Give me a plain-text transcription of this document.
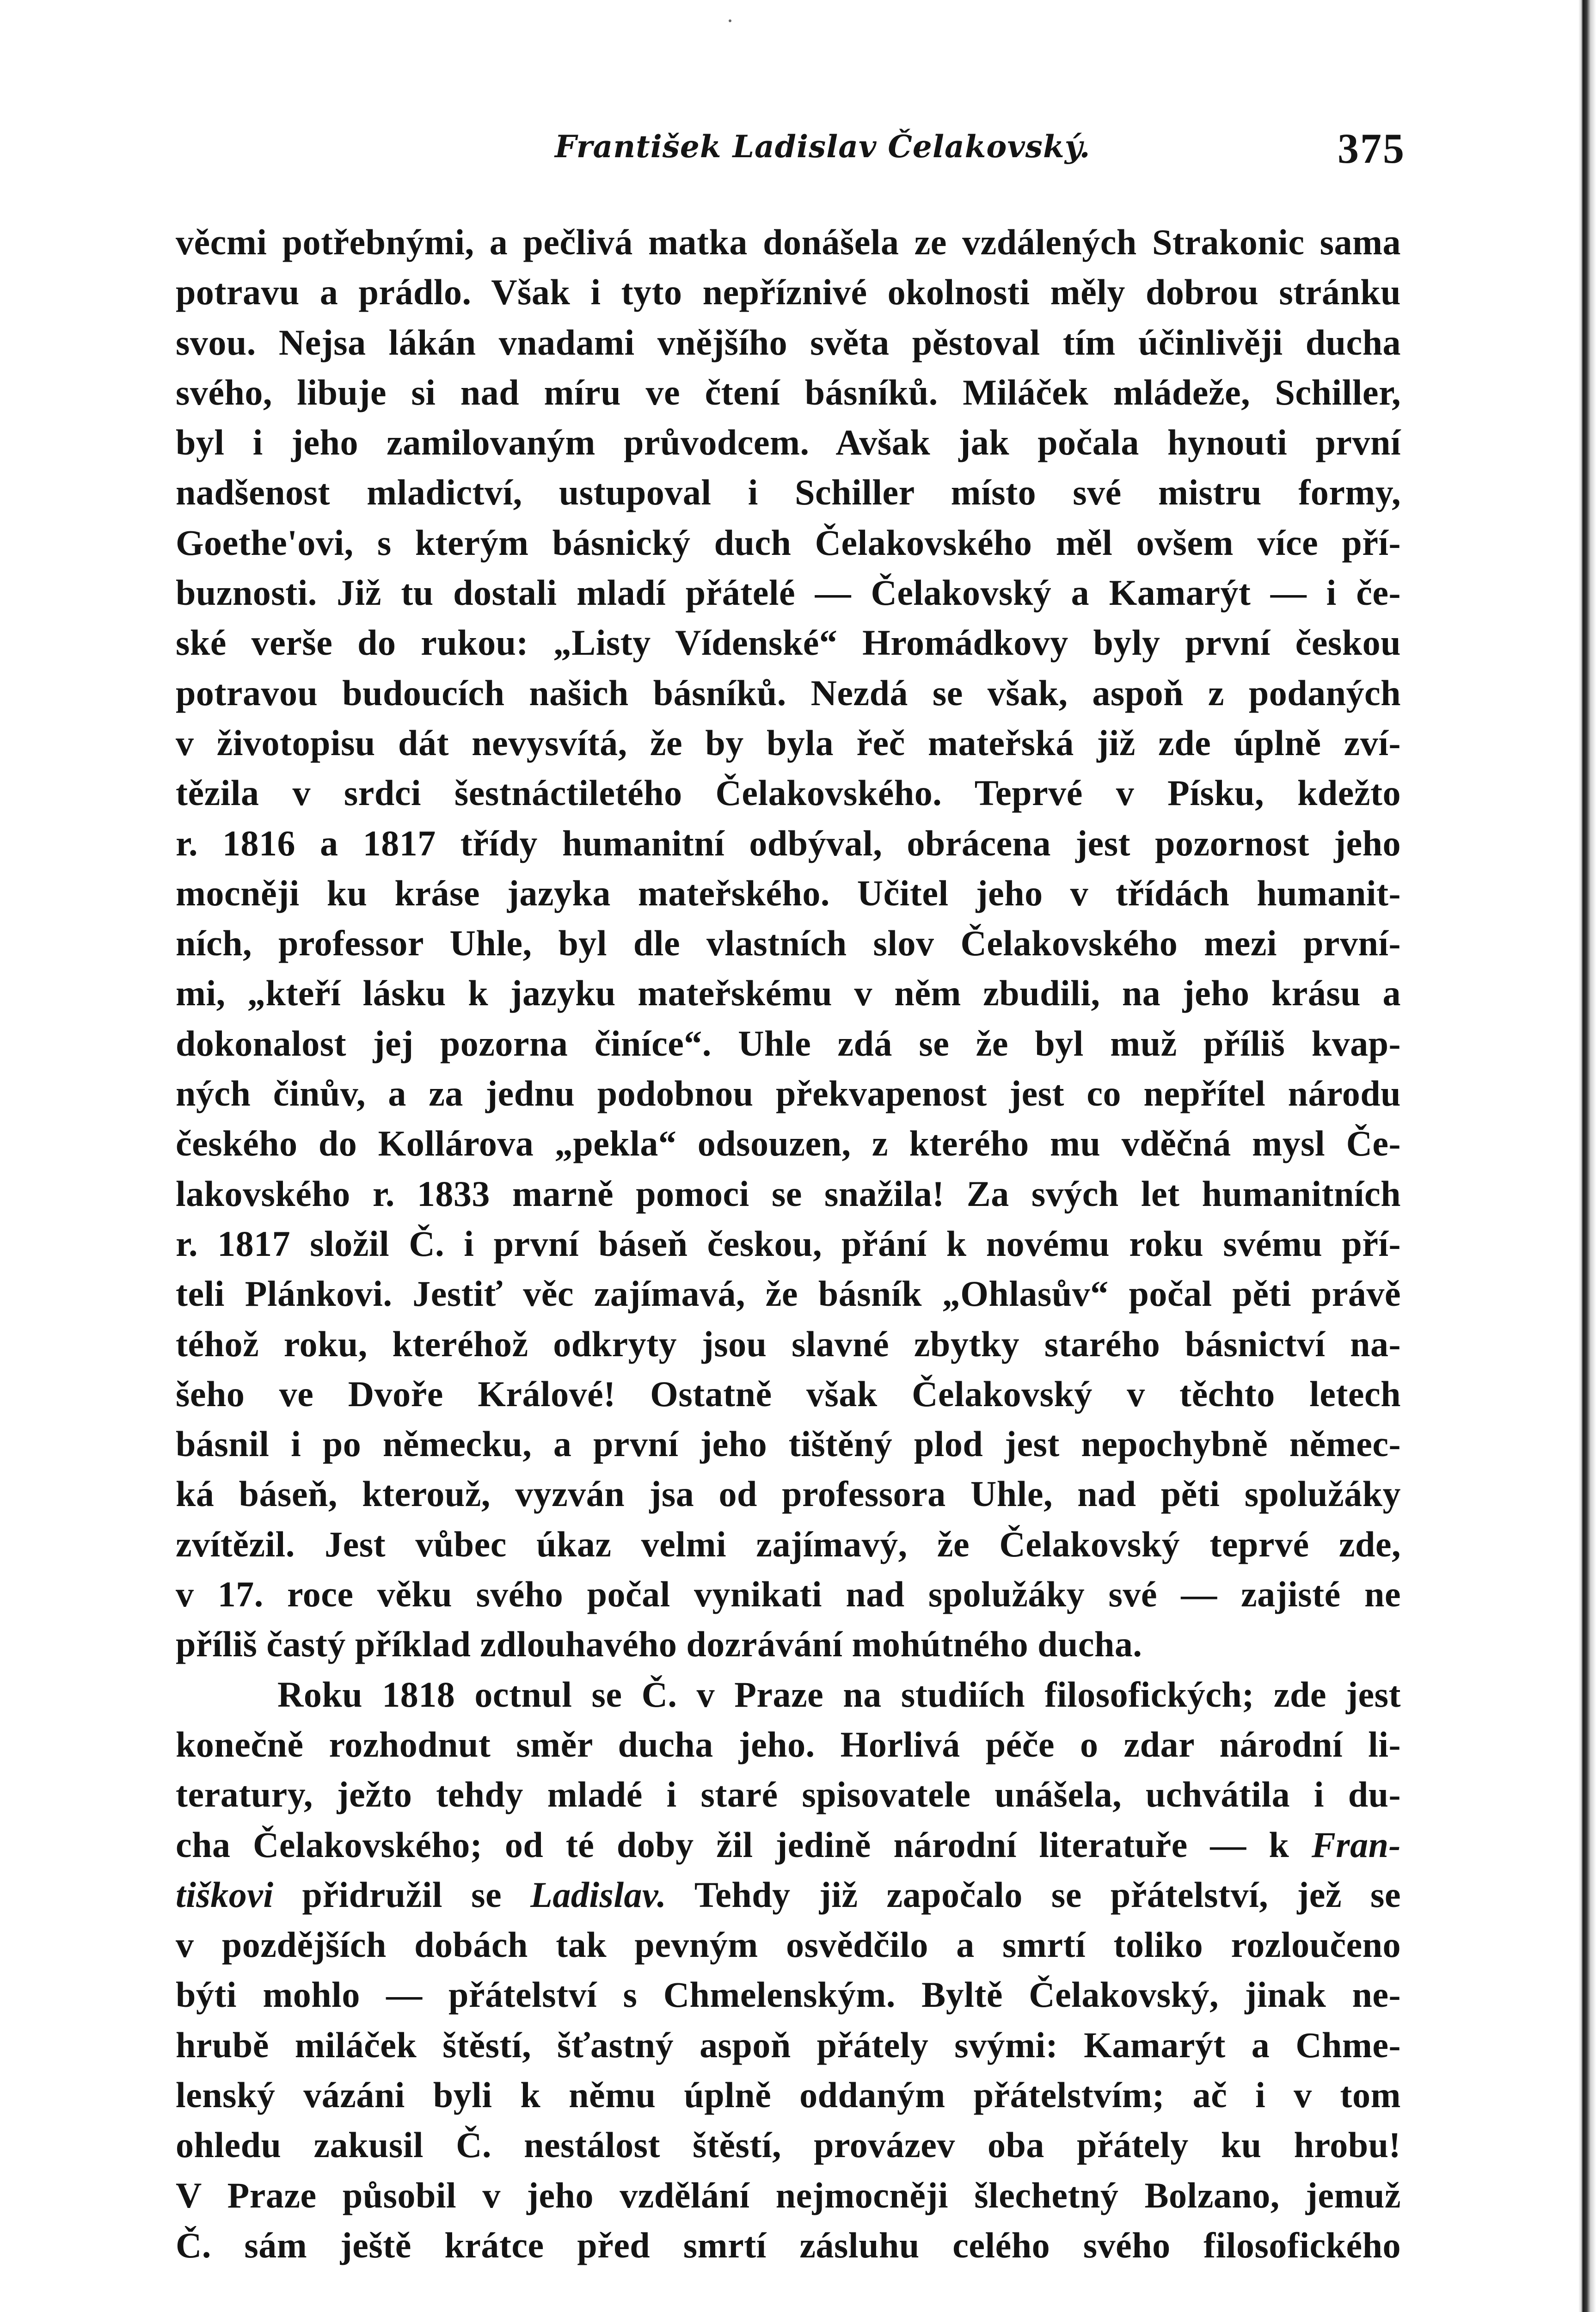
František Ladislav Čelakovský.	375
věcmi potřebnými, a pečlivá matka donášela ze vzdálených Strakonic sama
potravu a prádlo. Však i tyto nepříznivé okolnosti měly dobrou stránku
svou. Nejsa lákán vnadami vnějšího světa pěstoval tím účinlivěji ducha
svého, libuje si nad míru ve čtení básníků. Miláček mládeže, Schiller,
byl i jeho zamilovaným průvodcem. Avšak jak počala hynouti první
nadšenost mladictví, ustupoval i Schiller místo své mistru formy,
Goethe'ovi, s kterým básnický duch Čelakovského měl ovšem více pří-
buznosti. Již tu dostali mladí přátelé — Čelakovský a Kamarýt — i če-
ské verše do rukou: „Listy Vídenské“ Hromádkovy byly první českou
potravou budoucích našich básníků. Nezdá se však, aspoň z podaných
v životopisu dát nevysvítá, že by byla řeč mateřská již zde úplně zví-
tězila v srdci šestnáctiletého Čelakovského. Teprvé v Písku, kdežto
r. 1816 a 1817 třídy humanitní odbýval, obrácena jest pozornost jeho
mocněji ku kráse jazyka mateřského. Učitel jeho v třídách humanit-
ních, professor Uhle, byl dle vlastních slov Čelakovského mezi první-
mi, „kteří lásku k jazyku mateřskému v něm zbudili, na jeho krásu a
dokonalost jej pozorna činíce“. Uhle zdá se že byl muž příliš kvap-
ných činův, a za jednu podobnou překvapenost jest co nepřítel národu
českého do Kollárova „pekla“ odsouzen, z kterého mu vděčná mysl Če-
lakovského r. 1833 marně pomoci se snažila! Za svých let humanitních
r. 1817 složil Č. i první báseň českou, přání k novému roku svému pří-
teli Plánkovi. Jestiť věc zajímavá, že básník „Ohlasův“ počal pěti právě
téhož roku, kteréhož odkryty jsou slavné zbytky starého básnictví na-
šeho ve Dvoře Králové! Ostatně však Čelakovský v těchto letech
básnil i po německu, a první jeho tištěný plod jest nepochybně němec-
ká báseň, kterouž, vyzván jsa od professora Uhle, nad pěti spolužáky
zvítězil. Jest vůbec úkaz velmi zajímavý, že Čelakovský teprvé zde,
v 17. roce věku svého počal vynikati nad spolužáky své — zajisté ne
příliš častý příklad zdlouhavého dozrávání mohútného ducha.
Roku 1818 octnul se Č. v Praze na studiích filosofických; zde jest
konečně rozhodnut směr ducha jeho. Horlivá péče o zdar národní li-
teratury, ježto tehdy mladé i staré spisovatele unášela, uchvátila i du-
cha Čelakovského; od té doby žil jedině národní literatuře — k Fran-
tiškovi přidružil se Ladislav. Tehdy již započalo se přátelství, jež se
v pozdějších dobách tak pevným osvědčilo a smrtí toliko rozloučeno
býti mohlo — přátelství s Chmelenským. Byltě Čelakovský, jinak ne-
hrubě miláček štěstí, šťastný aspoň přátely svými: Kamarýt a Chme-
lenský vázáni byli k němu úplně oddaným přátelstvím; ač i v tom
ohledu zakusil Č. nestálost štěstí, provázev oba přátely ku hrobu!
V Praze působil v jeho vzdělání nejmocněji šlechetný Bolzano, jemuž
Č. sám ještě krátce před smrtí zásluhu celého svého filosofického
